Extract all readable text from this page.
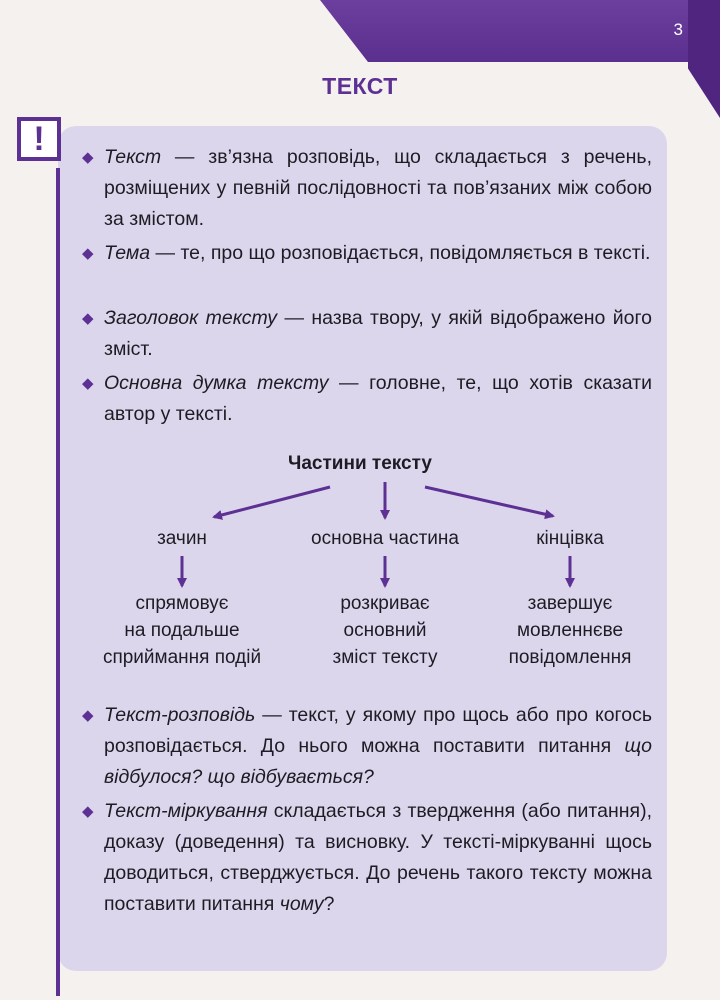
3
ТЕКСТ
! ◆ Текст — зв’язна розповідь, що складається з речень, розміщених у певній послідовності та пов’язаних між собою за змістом.
◆ Тема — те, про що розповідається, повідомляється в тексті.
◆ Заголовок тексту — назва твору, у якій відображено його зміст.
◆ Основна думка тексту — головне, те, що хотів сказати автор у тексті.
Частини тексту
зачин	основна частина	кінцівка
спрямовує
на подальше
сприймання подій
розкриває
основний
зміст тексту
завершує
мовленнєве
повідомлення
◆ Текст-розповідь — текст, у якому про щось або про когось розповідається. До нього можна поставити питання що відбулося? що відбувається?
◆ Текст-міркування складається з твердження (або питання), доказу (доведення) та висновку. У тексті-міркуванні щось доводиться, стверджується. До речень такого тексту можна поставити питання чому?
